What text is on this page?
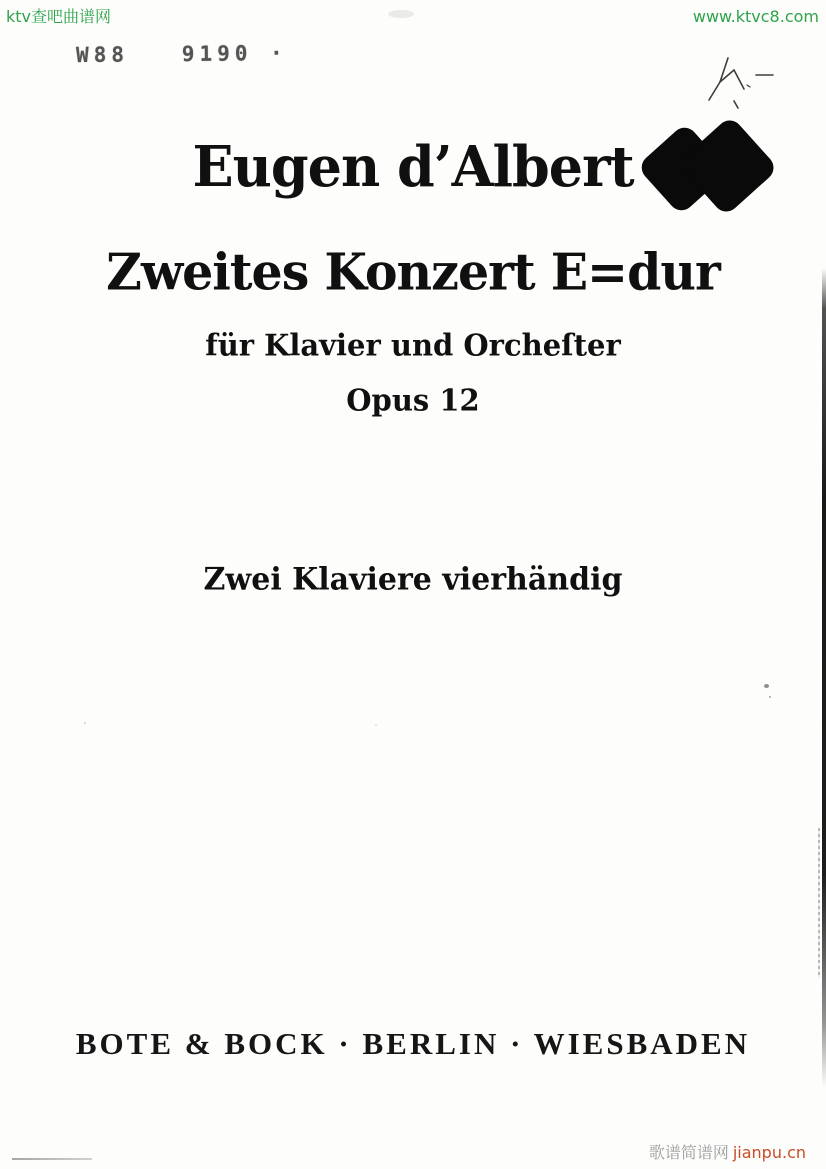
ktv查吧曲谱网	www.ktvc8.com
W88   9190 ·
Eugen d’Albert
Zweites Konzert E=dur
für Klavier und Orcheſter
Opus 12
Zwei Klaviere vierhändig
BOTE & BOCK · BERLIN · WIESBADEN
歌谱简谱网 jianpu.cn
